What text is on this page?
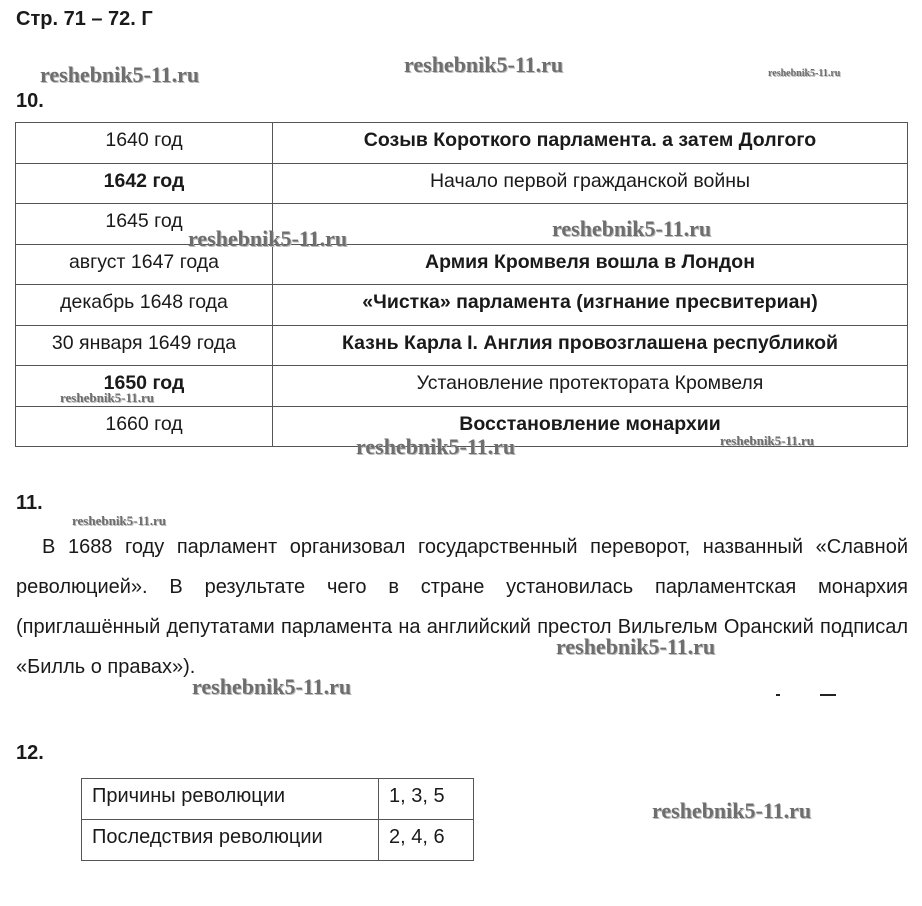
Стр. 71 – 72. Г
10.
1640 год	Созыв Короткого парламента. а затем Долгого
1642 год	Начало первой гражданской войны
1645 год	
август 1647 года	Армия Кромвеля вошла в Лондон
декабрь 1648 года	«Чистка» парламента (изгнание пресвитериан)
30 января 1649 года	Казнь Карла I. Англия провозглашена республикой
1650 год	Установление протектората Кромвеля
1660 год	Восстановление монархии
11.

В 1688 году парламент организовал государственный переворот, названный «Славной революцией». В результате чего в стране установилась парламентская монархия (приглашённый депутатами парламента на английский престол Вильгельм Оранский подписал «Билль о правах»).

12.
Причины революции	1, 3, 5
Последствия революции	2, 4, 6
reshebnik5-11.ru	reshebnik5-11.ru	reshebnik5-11.ru
reshebnik5-11.ru	reshebnik5-11.ru
reshebnik5-11.ru
reshebnik5-11.ru	reshebnik5-11.ru
reshebnik5-11.ru
reshebnik5-11.ru
reshebnik5-11.ru
reshebnik5-11.ru
